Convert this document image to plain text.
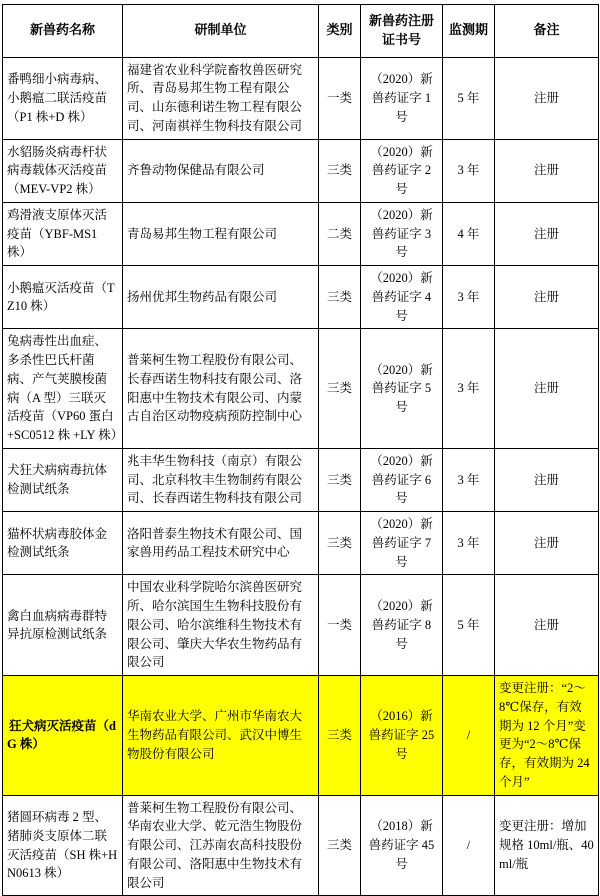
新兽药名称	研制单位	类别	新兽药注册证书号	监测期	备注
番鸭细小病毒病、小鹅瘟二联活疫苗（P1 株+D 株）	福建省农业科学院畜牧兽医研究所、青岛易邦生物工程有限公司、山东德利诺生物工程有限公司、河南祺祥生物科技有限公司	一类	（2020）新兽药证字 1 号	5 年	注册
水貂肠炎病毒杆状病毒载体灭活疫苗（MEV-VP2 株）	齐鲁动物保健品有限公司	三类	（2020）新兽药证字 2 号	3 年	注册
鸡滑液支原体灭活疫苗（YBF-MS1 株）	青岛易邦生物工程有限公司	二类	（2020）新兽药证字 3 号	4 年	注册
小鹅瘟灭活疫苗（TZ10 株）	扬州优邦生物药品有限公司	三类	（2020）新兽药证字 4 号	3 年	注册
兔病毒性出血症、多杀性巴氏杆菌病、产气荚膜梭菌病（A 型）三联灭活疫苗（VP60 蛋白 +SC0512 株 +LY 株）	普莱柯生物工程股份有限公司、长春西诺生物科技有限公司、洛阳惠中生物技术有限公司、内蒙古自治区动物疫病预防控制中心	三类	（2020）新兽药证字 5 号	3 年	注册
犬狂犬病病毒抗体检测试纸条	兆丰华生物科技（南京）有限公司、北京科牧丰生物制药有限公司、长春西诺生物科技有限公司	三类	（2020）新兽药证字 6 号	3 年	注册
猫杯状病毒胶体金检测试纸条	洛阳普泰生物技术有限公司、国家兽用药品工程技术研究中心	三类	（2020）新兽药证字 7 号	3 年	注册
禽白血病病毒群特异抗原检测试纸条	中国农业科学院哈尔滨兽医研究所、哈尔滨国生生物科技股份有限公司、哈尔滨维科生物技术有限公司、肇庆大华农生物药品有限公司	一类	（2020）新兽药证字 8 号	5 年	注册
狂犬病灭活疫苗（dG 株）	华南农业大学、广州市华南农大生物药品有限公司、武汉中博生物股份有限公司	三类	（2016）新兽药证字 25 号	/	变更注册：“2～8℃保存，有效期为 12 个月”变更为“2～8℃保存，有效期为 24 个月”
猪圆环病毒 2 型、猪肺炎支原体二联灭活疫苗（SH 株+HN0613 株）	普莱柯生物工程股份有限公司、华南农业大学、乾元浩生物股份有限公司、江苏南农高科技股份有限公司、洛阳惠中生物技术有限公司	三类	（2018）新兽药证字 45 号	/	变更注册：增加规格 10ml/瓶、40ml/瓶
